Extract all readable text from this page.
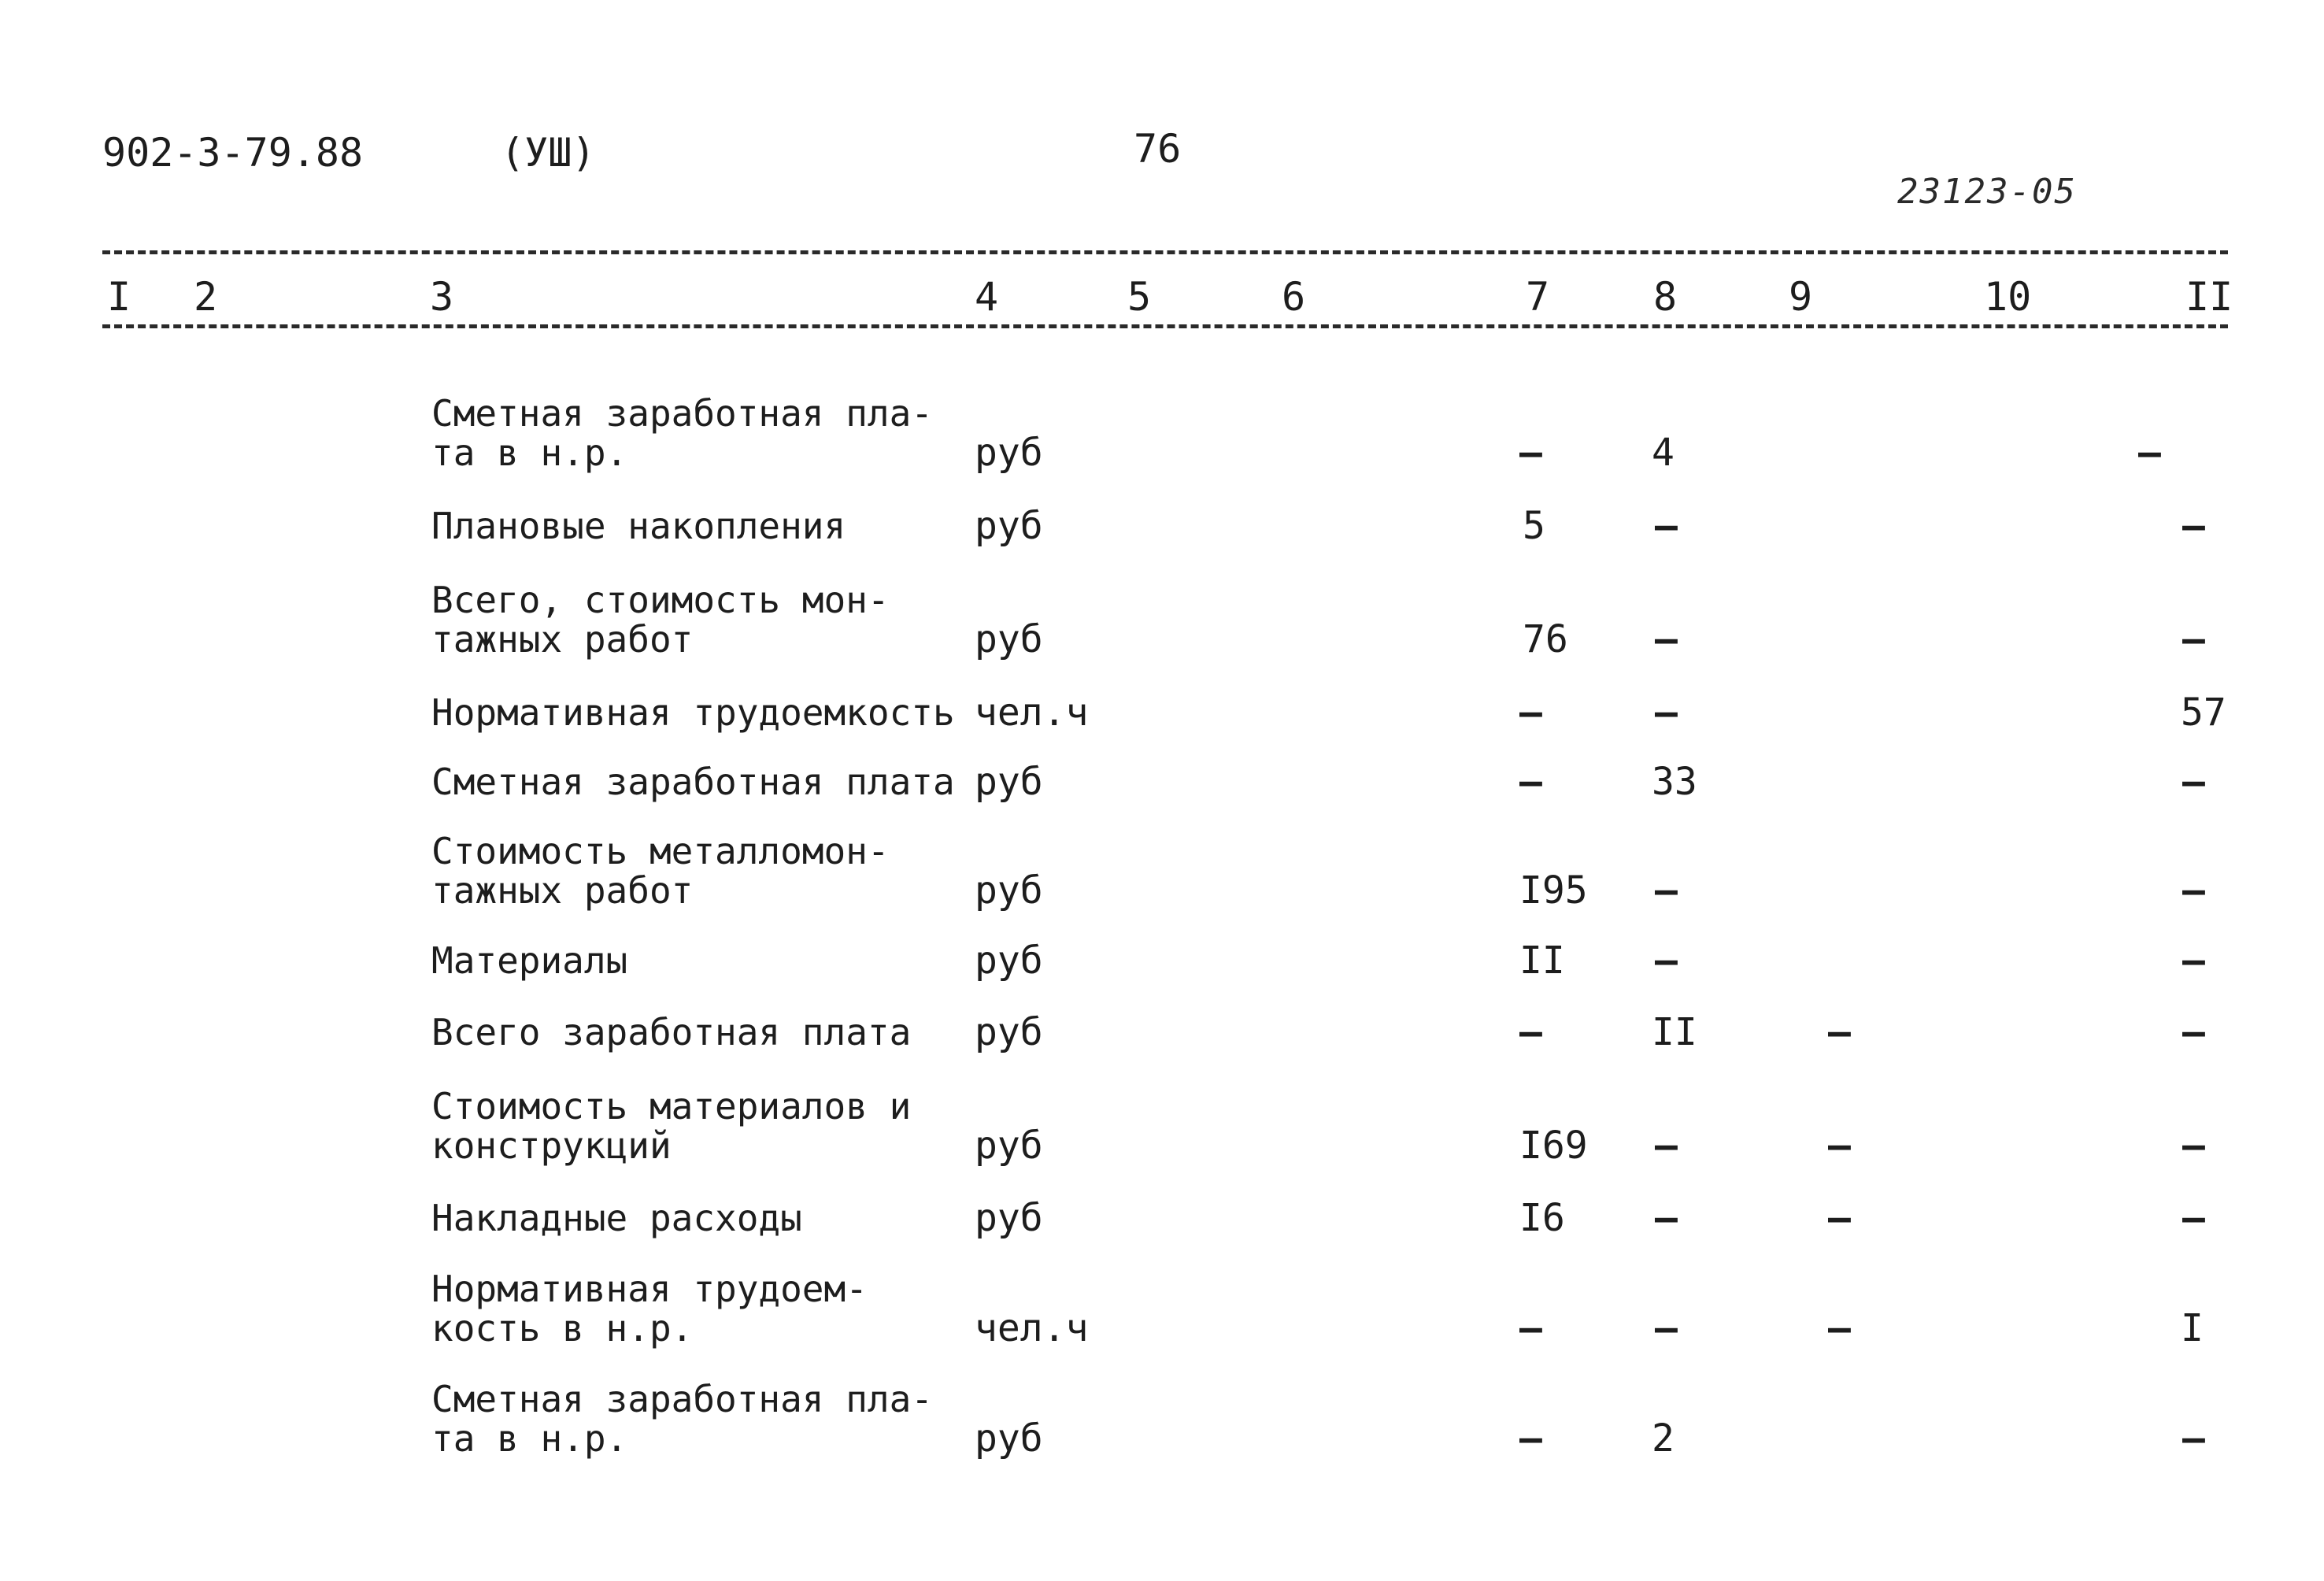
902-3-79.88	(УШ)	76
23123-05
I 2	3	4	5	6	7	8	9	10	II
Сметная заработная пла-
та в н.р.	руб	–	4	–
Плановые накопления	руб	5	–	–
Всего, стоимость мон-
тажных работ	руб	76 –	–
Нормативная трудоемкость чел.ч	–	–	57
Сметная заработная плата руб	–	33	–
Стоимость металломон-
тажных работ	руб	I95 –	–
Материалы	руб	II –	–
Всего заработная плата руб	–	II	–	–
Стоимость материалов и
конструкций	руб	I69 –	–	–
Накладные расходы	руб	I6 –	–	–
Нормативная трудоем-
кость в н.р.	чел.ч	–	–	–	I
Сметная заработная пла-
та в н.р.	руб	–	2	–
